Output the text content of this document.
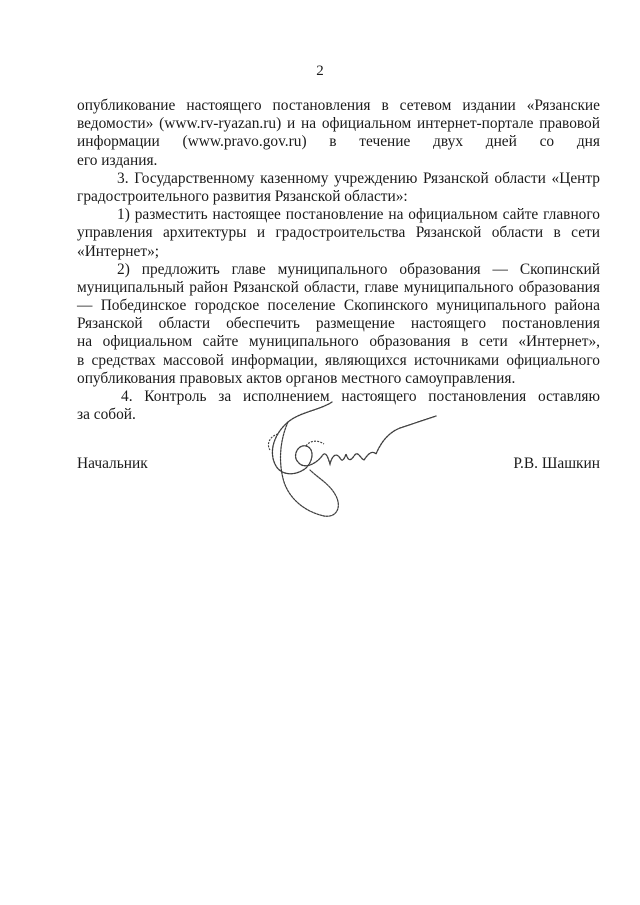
2
опубликование настоящего постановления в сетевом издании «Рязанские
ведомости» (www.rv-ryazan.ru) и на официальном интернет-портале правовой
информации (www.pravo.gov.ru) в течение двух дней со дня
его издания.
3. Государственному казенному учреждению Рязанской области «Центр
градостроительного развития Рязанской области»:
1) разместить настоящее постановление на официальном сайте главного
управления архитектуры и градостроительства Рязанской области в сети
«Интернет»;
2) предложить главе муниципального образования — Скопинский
муниципальный район Рязанской области, главе муниципального образования
— Побединское городское поселение Скопинского муниципального района
Рязанской области обеспечить размещение настоящего постановления
на официальном сайте муниципального образования в сети «Интернет»,
в средствах массовой информации, являющихся источниками официального
опубликования правовых актов органов местного самоуправления.
4. Контроль за исполнением настоящего постановления оставляю
за собой.
Начальник	Р.В. Шашкин
